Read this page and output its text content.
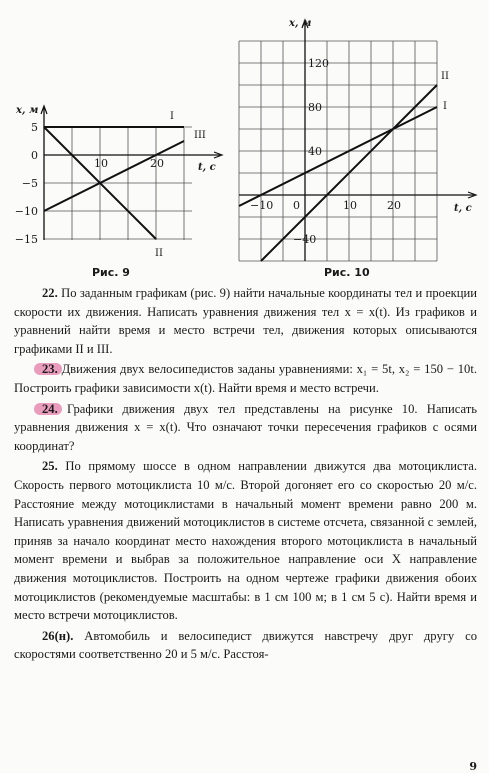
I
II
III
x, м
t, c
5
0
−5
−10
−15
10	20
II
I
x, м
t, c
120
80
40
−40
−10 0	10	20
Рис. 9	Рис. 10

22. По заданным графикам (рис. 9) найти начальные координаты тел и проекции скорости их движения. Написать уравнения движения тел x = x(t). Из графиков и уравнений найти время и место встречи тел, движения которых описываются графиками II и III.

23. Движения двух велосипедистов заданы уравнениями: x₁ = 5t, x₂ = 150 − 10t. Построить графики зависимости x(t). Найти время и место встречи.

24. Графики движения двух тел представлены на рисунке 10. Написать уравнения движения x = x(t). Что означают точки пересечения графиков с осями координат?

25. По прямому шоссе в одном направлении движутся два мотоциклиста. Скорость первого мотоциклиста 10 м/с. Второй догоняет его со скоростью 20 м/с. Расстояние между мотоциклистами в начальный момент времени равно 200 м. Написать уравнения движений мотоциклистов в системе отсчета, связанной с землей, приняв за начало координат место нахождения второго мотоциклиста в начальный момент времени и выбрав за положительное направление оси X направление движения мотоциклистов. Построить на одном чертеже графики движения обоих мотоциклистов (рекомендуемые масштабы: в 1 см 100 м; в 1 см 5 с). Найти время и место встречи мотоциклистов.

26(н). Автомобиль и велосипедист движутся навстречу друг другу со скоростями соответственно 20 и 5 м/с. Расстоя-

9
